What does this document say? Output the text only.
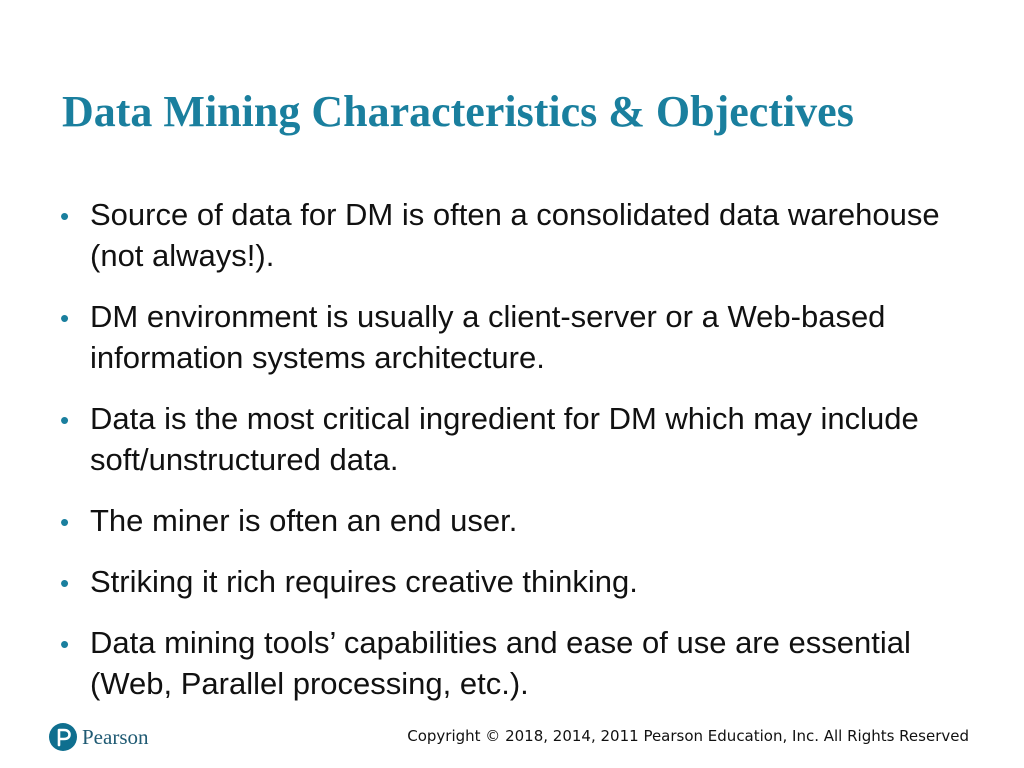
Data Mining Characteristics & Objectives
• Source of data for DM is often a consolidated data warehouse (not always!).
• DM environment is usually a client-server or a Web-based information systems architecture.
• Data is the most critical ingredient for DM which may include soft/unstructured data.
• The miner is often an end user.
• Striking it rich requires creative thinking.
• Data mining tools’ capabilities and ease of use are essential (Web, Parallel processing, etc.).
Pearson	Copyright © 2018, 2014, 2011 Pearson Education, Inc. All Rights Reserved
